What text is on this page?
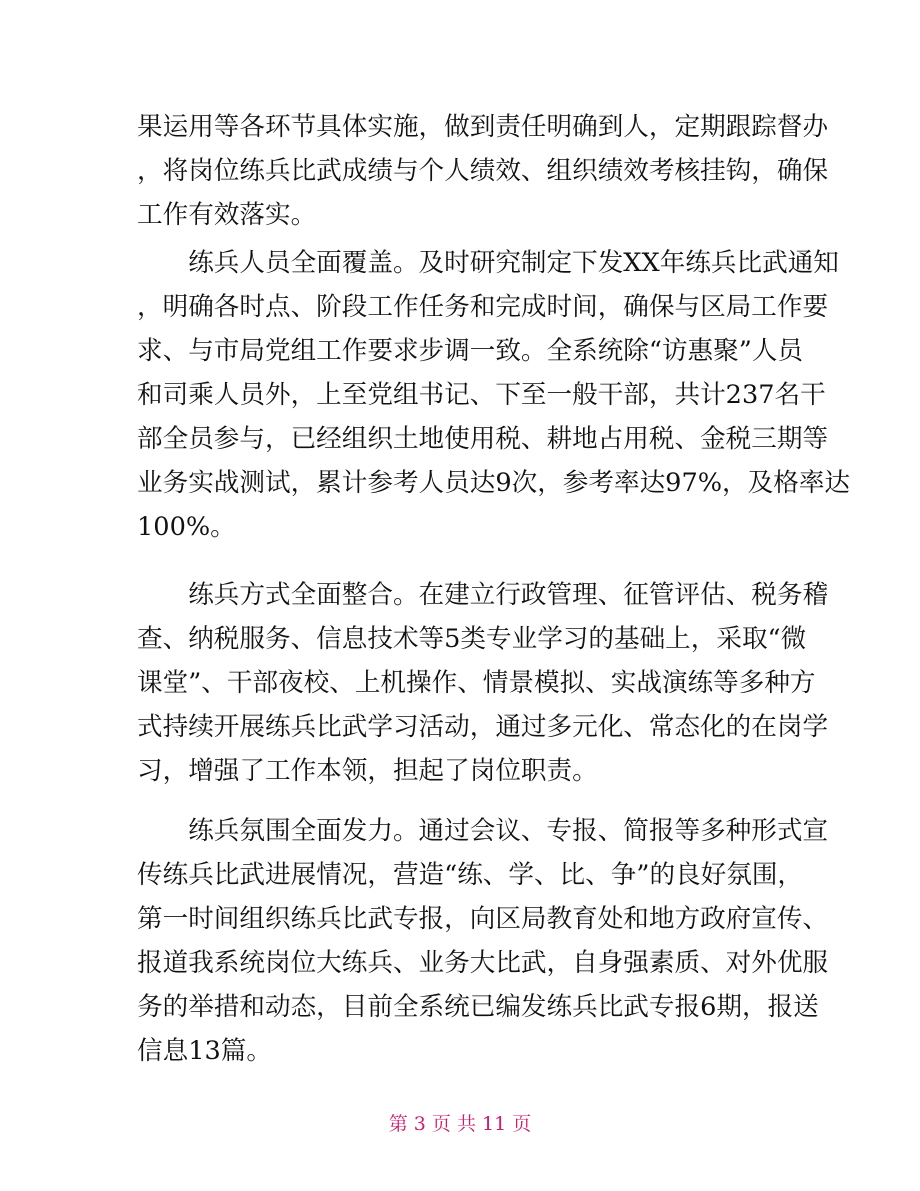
果运用等各环节具体实施，做到责任明确到人，定期跟踪督办
，将岗位练兵比武成绩与个人绩效、组织绩效考核挂钩，确保
工作有效落实。
　　练兵人员全面覆盖。及时研究制定下发XX年练兵比武通知
，明确各时点、阶段工作任务和完成时间，确保与区局工作要
求、与市局党组工作要求步调一致。全系统除“访惠聚”人员
和司乘人员外，上至党组书记、下至一般干部，共计237名干
部全员参与，已经组织土地使用税、耕地占用税、金税三期等
业务实战测试，累计参考人员达9次，参考率达97%，及格率达
100%。
　　练兵方式全面整合。在建立行政管理、征管评估、税务稽
查、纳税服务、信息技术等5类专业学习的基础上，采取“微
课堂”、干部夜校、上机操作、情景模拟、实战演练等多种方
式持续开展练兵比武学习活动，通过多元化、常态化的在岗学
习，增强了工作本领，担起了岗位职责。
　　练兵氛围全面发力。通过会议、专报、简报等多种形式宣
传练兵比武进展情况，营造“练、学、比、争”的良好氛围，
第一时间组织练兵比武专报，向区局教育处和地方政府宣传、
报道我系统岗位大练兵、业务大比武，自身强素质、对外优服
务的举措和动态，目前全系统已编发练兵比武专报6期，报送
信息13篇。
第 3 页 共 11 页
